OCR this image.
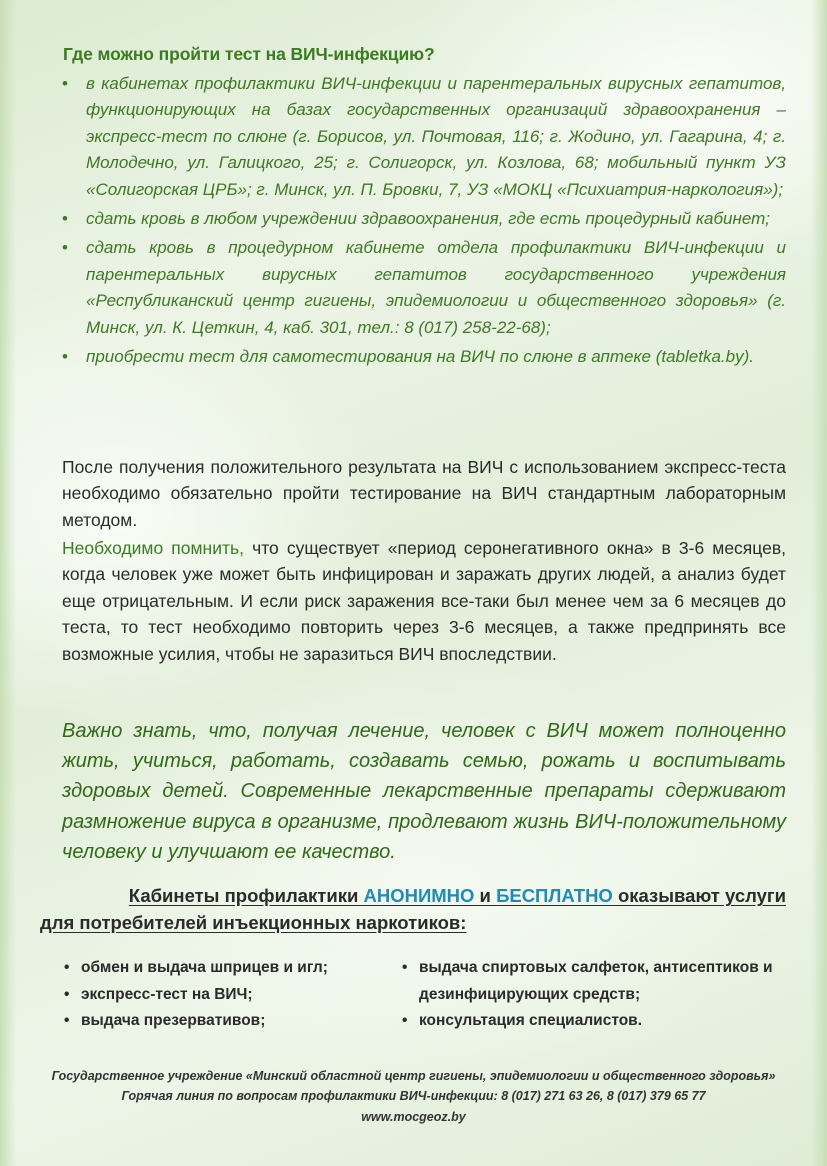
Где можно пройти тест на ВИЧ-инфекцию?
• в кабинетах профилактики ВИЧ-инфекции и парентеральных вирусных гепатитов, функционирующих на базах государственных организаций здравоохранения – экспресс-тест по слюне (г. Борисов, ул. Почтовая, 116; г. Жодино, ул. Гагарина, 4; г. Молодечно, ул. Галицкого, 25; г. Солигорск, ул. Козлова, 68; мобильный пункт УЗ «Солигорская ЦРБ»; г. Минск, ул. П. Бровки, 7, УЗ «МОКЦ «Психиатрия-наркология»);
• сдать кровь в любом учреждении здравоохранения, где есть процедурный кабинет;
• сдать кровь в процедурном кабинете отдела профилактики ВИЧ-инфекции и парентеральных вирусных гепатитов государственного учреждения «Республиканский центр гигиены, эпидемиологии и общественного здоровья» (г. Минск, ул. К. Цеткин, 4, каб. 301, тел.: 8 (017) 258-22-68);
• приобрести тест для самотестирования на ВИЧ по слюне в аптеке (tabletka.by).
После получения положительного результата на ВИЧ с использованием экспресс-теста необходимо обязательно пройти тестирование на ВИЧ стандартным лабораторным методом.
Необходимо помнить, что существует «период серонегативного окна» в 3-6 месяцев, когда человек уже может быть инфицирован и заражать других людей, а анализ будет еще отрицательным. И если риск заражения все-таки был менее чем за 6 месяцев до теста, то тест необходимо повторить через 3-6 месяцев, а также предпринять все возможные усилия, чтобы не заразиться ВИЧ впоследствии.
Важно знать, что, получая лечение, человек с ВИЧ может полноценно жить, учиться, работать, создавать семью, рожать и воспитывать здоровых детей. Современные лекарственные препараты сдерживают размножение вируса в организме, продлевают жизнь ВИЧ-положительному человеку и улучшают ее качество.
Кабинеты профилактики АНОНИМНО и БЕСПЛАТНО оказывают услуги
для потребителей инъекционных наркотиков:
• обмен и выдача шприцев и игл;
• экспресс-тест на ВИЧ;
• выдача презервативов;
• выдача спиртовых салфеток, антисептиков и дезинфицирующих средств;
• консультация специалистов.
Государственное учреждение «Минский областной центр гигиены, эпидемиологии и общественного здоровья»
Горячая линия по вопросам профилактики ВИЧ-инфекции: 8 (017) 271 63 26, 8 (017) 379 65 77
www.mocgeoz.by
